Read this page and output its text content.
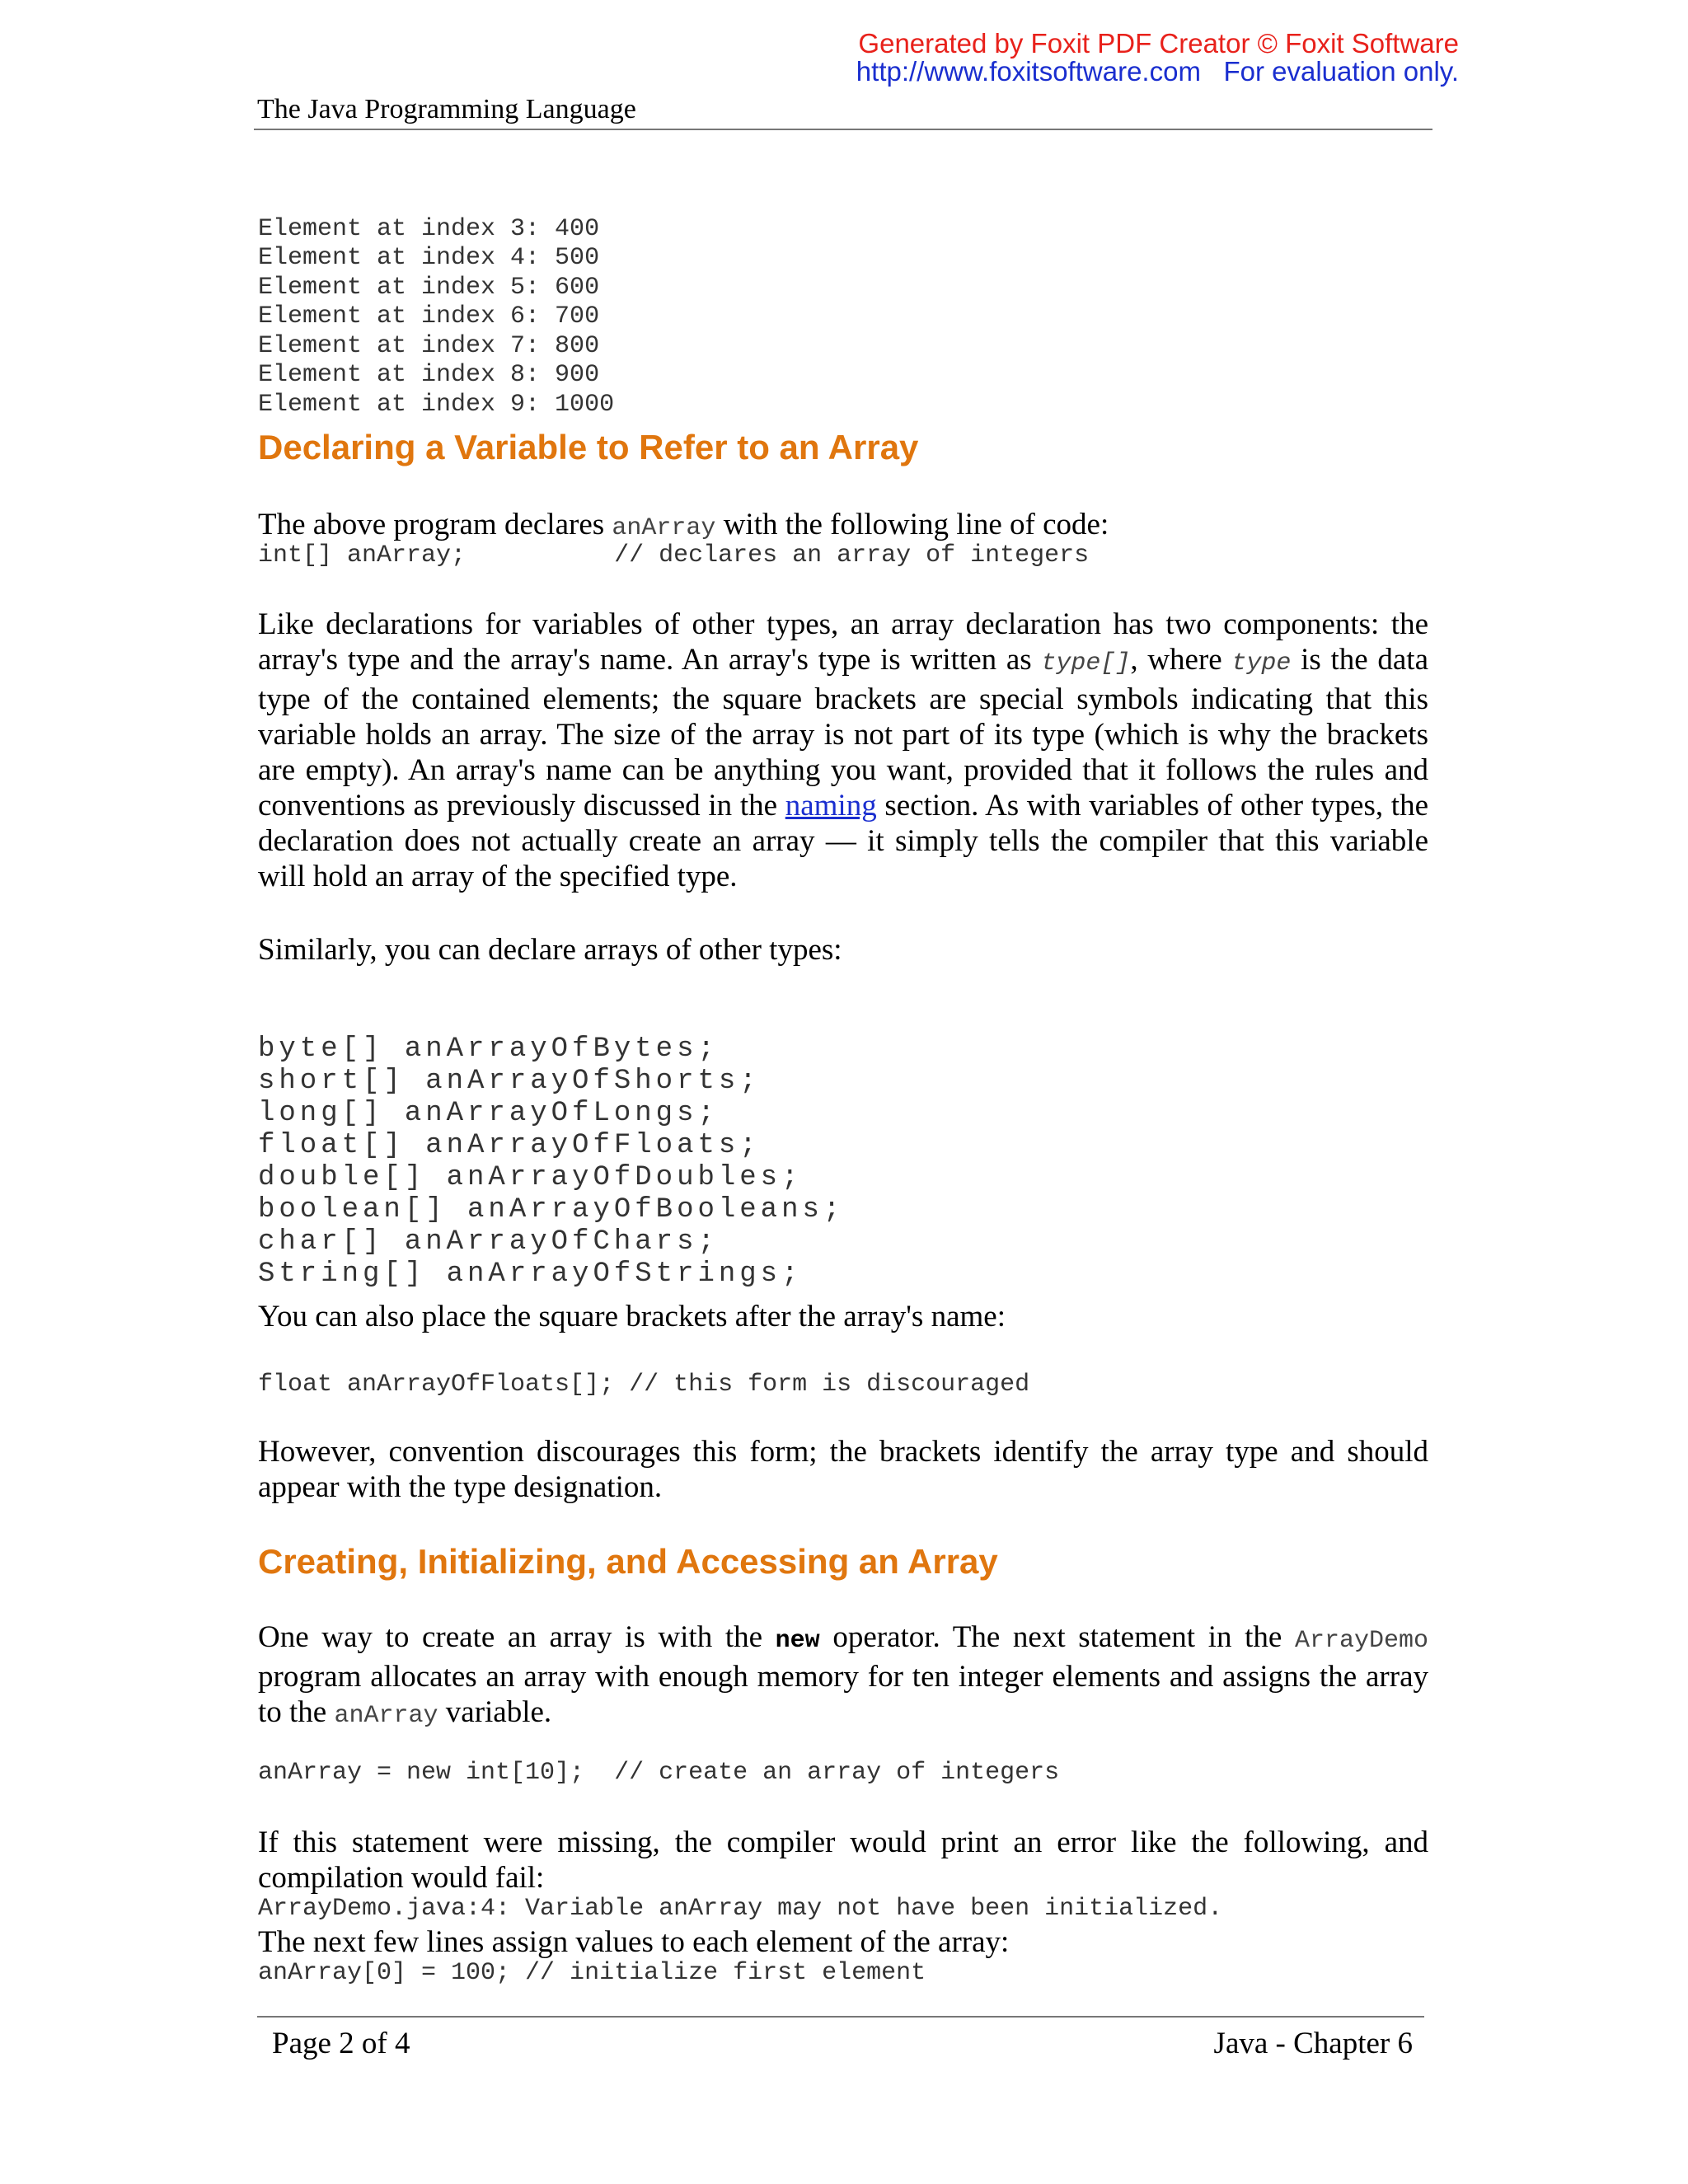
Generated by Foxit PDF Creator © Foxit Software
http://www.foxitsoftware.com For evaluation only.
The Java Programming Language

Element at index 3: 400
Element at index 4: 500
Element at index 5: 600
Element at index 6: 700
Element at index 7: 800
Element at index 8: 900
Element at index 9: 1000

Declaring a Variable to Refer to an Array

The above program declares anArray with the following line of code:

int[] anArray;          // declares an array of integers

Like declarations for variables of other types, an array declaration has two components: the array's type and the array's name. An array's type is written as type[], where type is the data type of the contained elements; the square brackets are special symbols indicating that this variable holds an array. The size of the array is not part of its type (which is why the brackets are empty). An array's name can be anything you want, provided that it follows the rules and conventions as previously discussed in the naming section. As with variables of other types, the declaration does not actually create an array — it simply tells the compiler that this variable will hold an array of the specified type.

Similarly, you can declare arrays of other types:

byte[] anArrayOfBytes;
short[] anArrayOfShorts;
long[] anArrayOfLongs;
float[] anArrayOfFloats;
double[] anArrayOfDoubles;
boolean[] anArrayOfBooleans;
char[] anArrayOfChars;
String[] anArrayOfStrings;

You can also place the square brackets after the array's name:

float anArrayOfFloats[]; // this form is discouraged

However, convention discourages this form; the brackets identify the array type and should appear with the type designation.

Creating, Initializing, and Accessing an Array

One way to create an array is with the new operator. The next statement in the ArrayDemo program allocates an array with enough memory for ten integer elements and assigns the array to the anArray variable.

anArray = new int[10];  // create an array of integers

If this statement were missing, the compiler would print an error like the following, and compilation would fail:

ArrayDemo.java:4: Variable anArray may not have been initialized.

The next few lines assign values to each element of the array:

anArray[0] = 100; // initialize first element
Page 2 of 4	Java - Chapter 6
